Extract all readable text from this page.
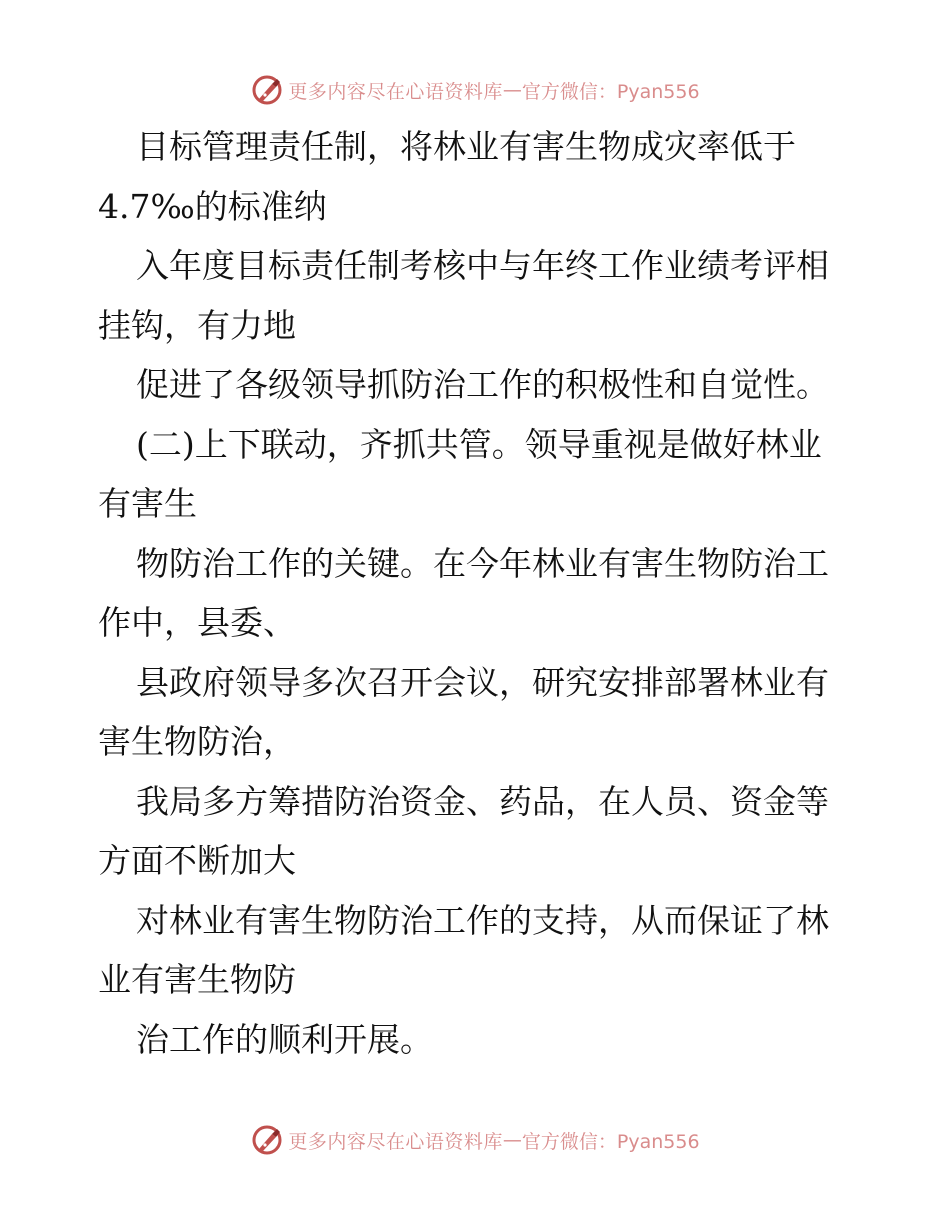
更多内容尽在心语资料库 — 官方微信：Pyan556
目标管理责任制，将林业有害生物成灾率低于
4.7‰的标准纳
入年度目标责任制考核中与年终工作业绩考评相
挂钩，有力地
促进了各级领导抓防治工作的积极性和自觉性。
(二)上下联动，齐抓共管。领导重视是做好林业
有害生
物防治工作的关键。在今年林业有害生物防治工
作中，县委、
县政府领导多次召开会议，研究安排部署林业有
害生物防治，
我局多方筹措防治资金、药品，在人员、资金等
方面不断加大
对林业有害生物防治工作的支持，从而保证了林
业有害生物防
治工作的顺利开展。
更多内容尽在心语资料库 — 官方微信：Pyan556
